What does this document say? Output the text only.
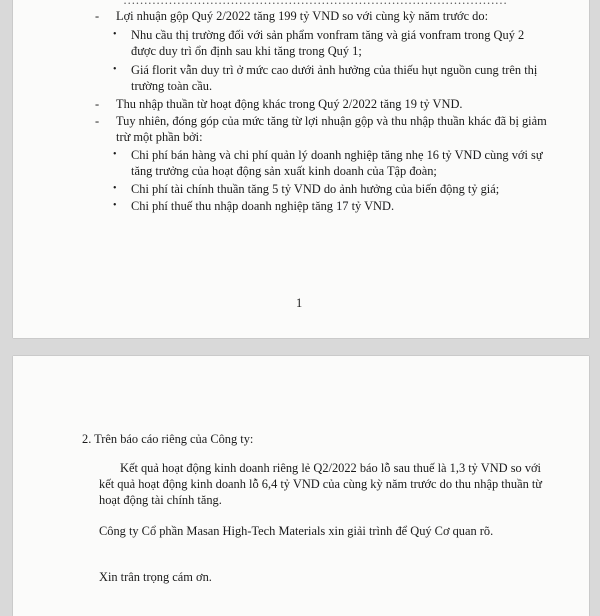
…………………………………………………………………………………
- Lợi nhuận gộp Quý 2/2022 tăng 199 tỷ VND so với cùng kỳ năm trước do:
• Nhu cầu thị trường đối với sản phẩm vonfram tăng và giá vonfram trong Quý 2
được duy trì ổn định sau khi tăng trong Quý 1;
• Giá florit vẫn duy trì ở mức cao dưới ảnh hưởng của thiếu hụt nguồn cung trên thị
trường toàn cầu.
- Thu nhập thuần từ hoạt động khác trong Quý 2/2022 tăng 19 tỷ VND.
- Tuy nhiên, đóng góp của mức tăng từ lợi nhuận gộp và thu nhập thuần khác đã bị giảm
trừ một phần bởi:
• Chi phí bán hàng và chi phí quản lý doanh nghiệp tăng nhẹ 16 tỷ VND cùng với sự
tăng trưởng của hoạt động sản xuất kinh doanh của Tập đoàn;
• Chi phí tài chính thuần tăng 5 tỷ VND do ảnh hưởng của biến động tỷ giá;
• Chi phí thuế thu nhập doanh nghiệp tăng 17 tỷ VND.
1
2. Trên báo cáo riêng của Công ty:
Kết quả hoạt động kinh doanh riêng lẻ Q2/2022 báo lỗ sau thuế là 1,3 tỷ VND so với
kết quả hoạt động kinh doanh lỗ 6,4 tỷ VND của cùng kỳ năm trước do thu nhập thuần từ
hoạt động tài chính tăng.
Công ty Cổ phần Masan High-Tech Materials xin giải trình để Quý Cơ quan rõ.
Xin trân trọng cám ơn.
